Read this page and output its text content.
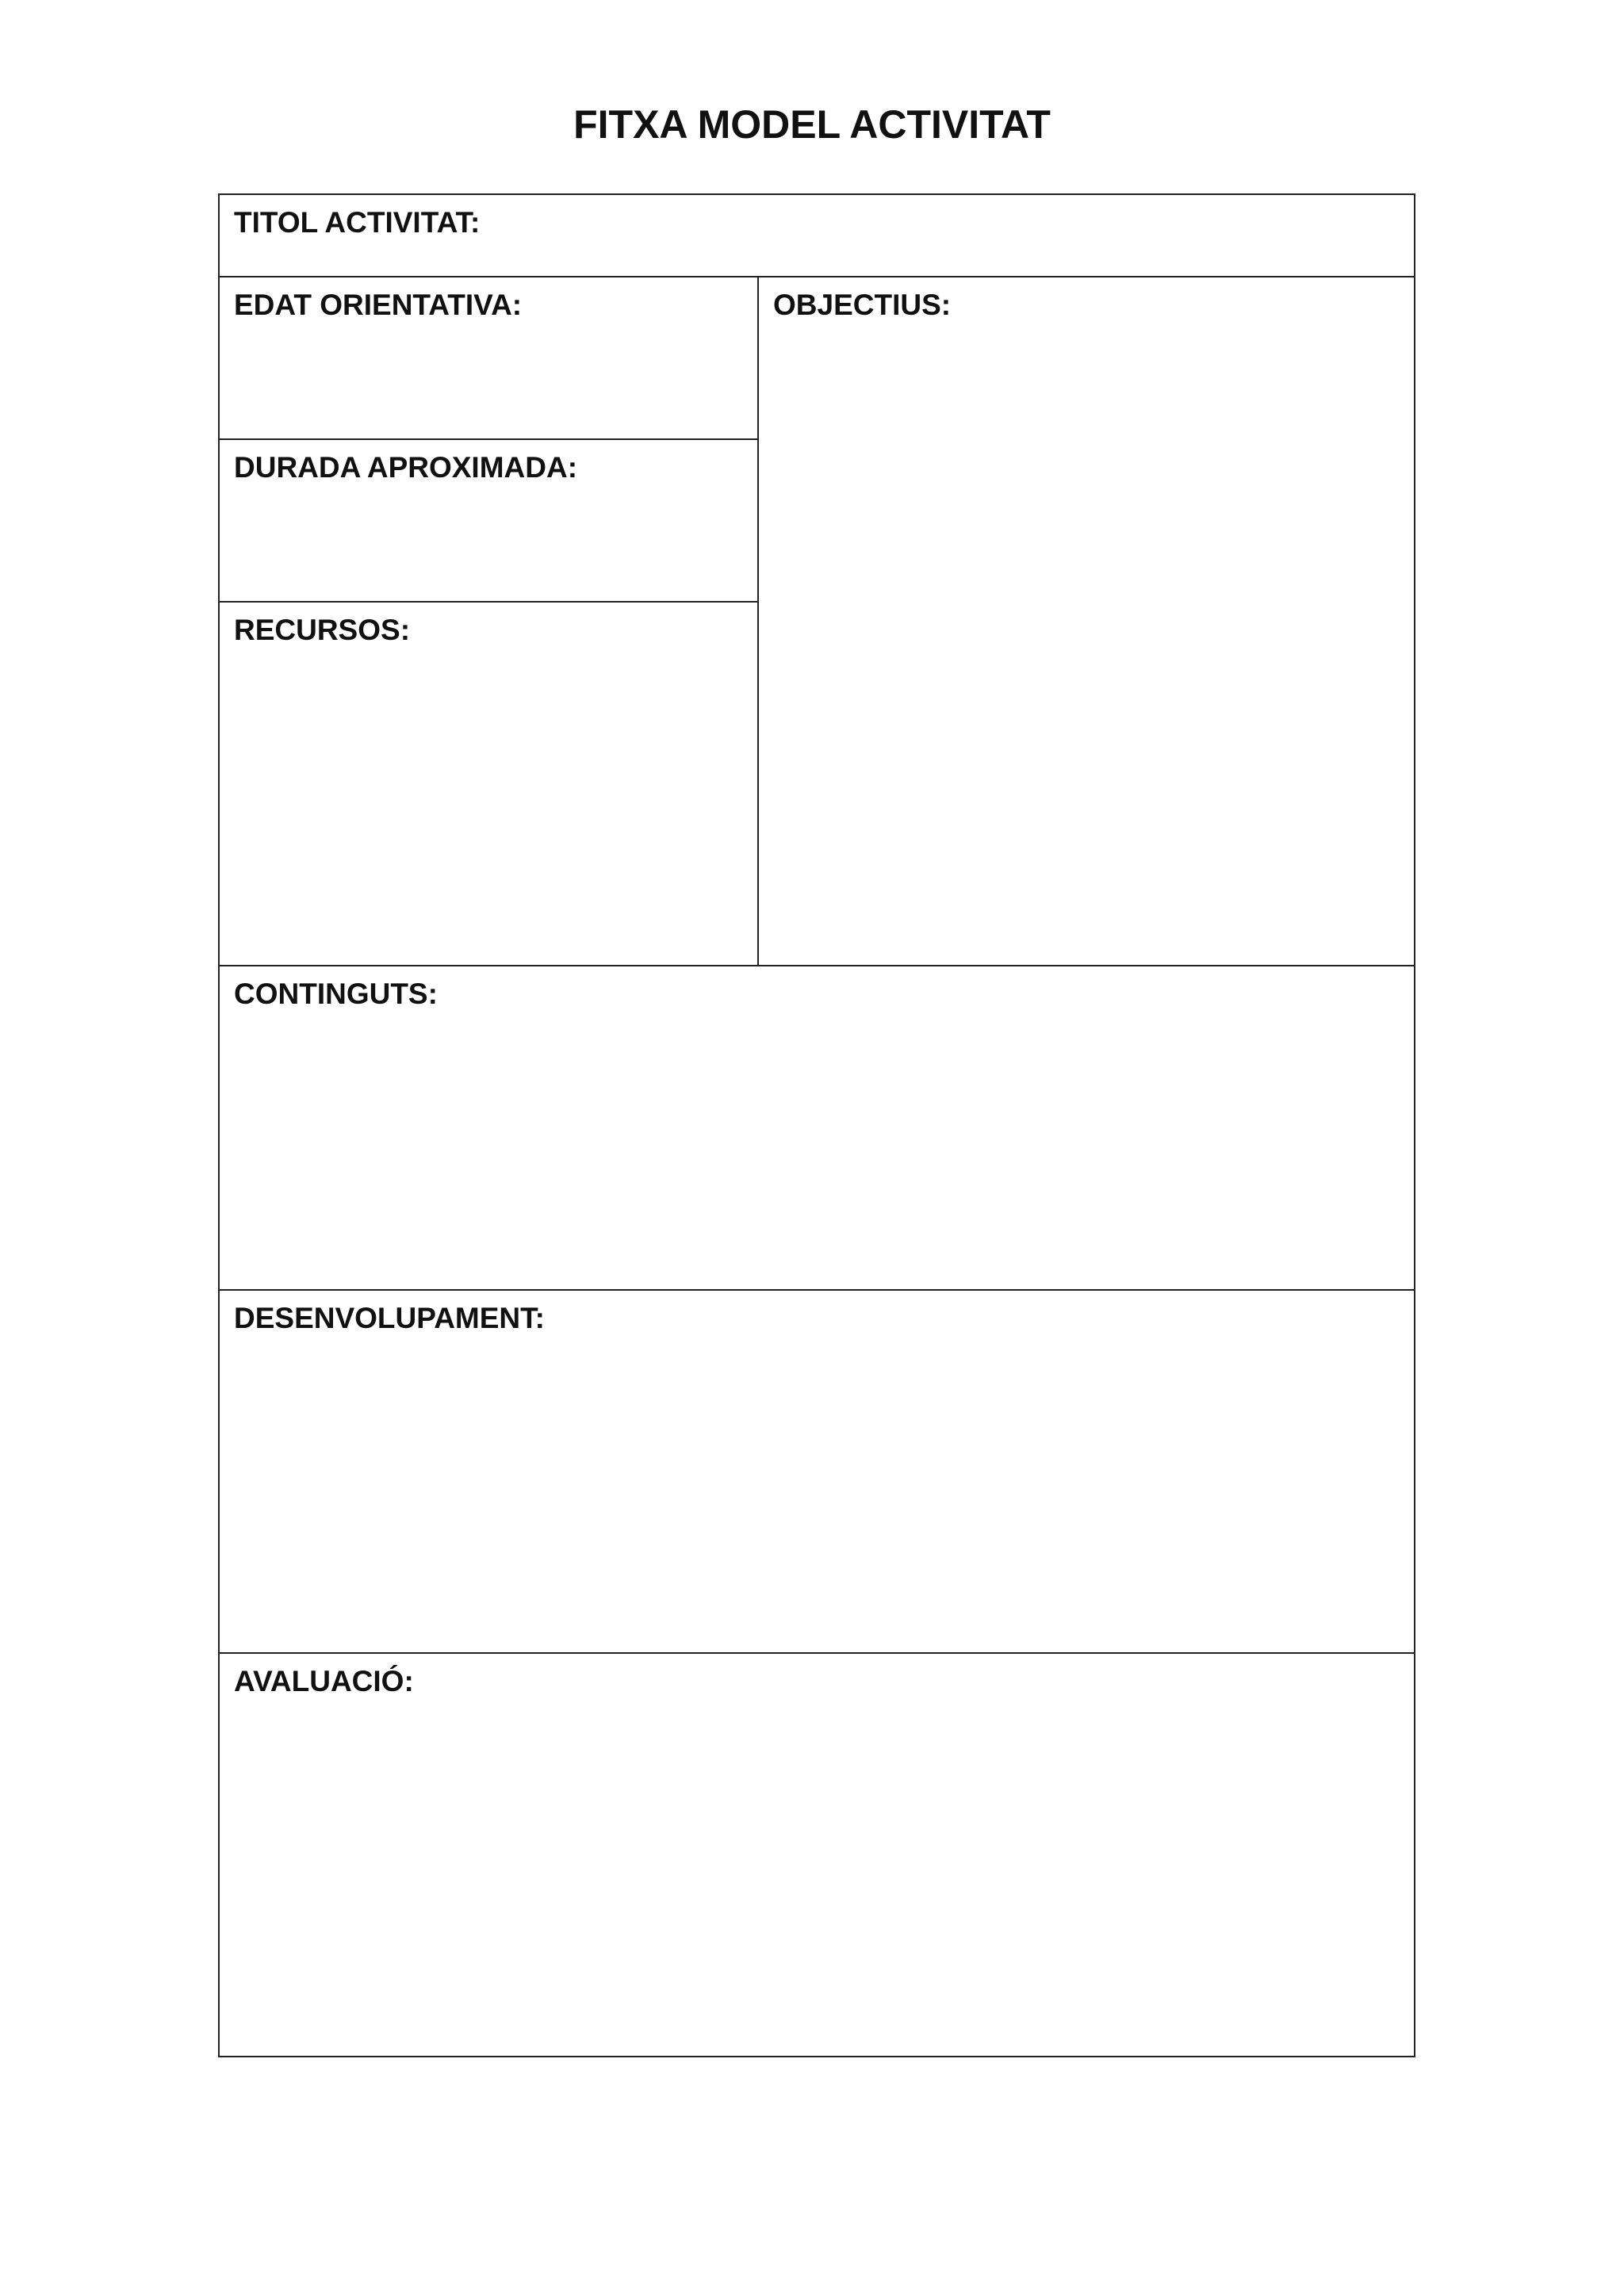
FITXA MODEL ACTIVITAT
TITOL ACTIVITAT:
EDAT ORIENTATIVA:	OBJECTIUS:
DURADA APROXIMADA:
RECURSOS:
CONTINGUTS:
DESENVOLUPAMENT:
AVALUACIÓ:
